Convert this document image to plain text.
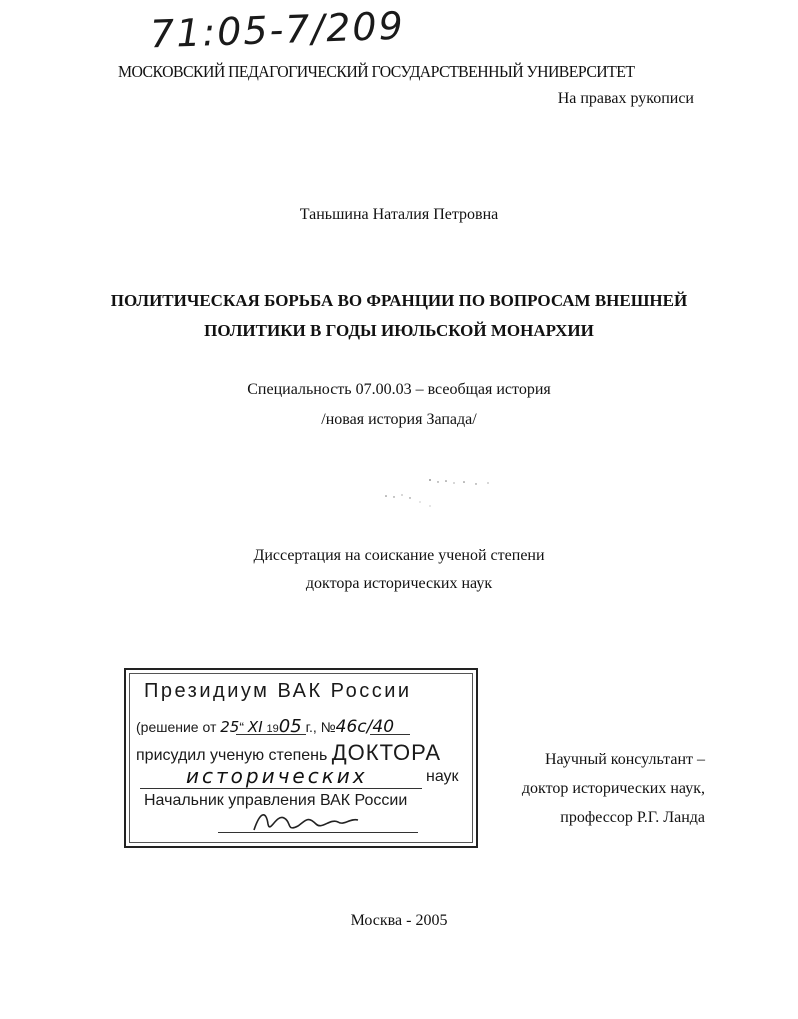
71:05-7/209
МОСКОВСКИЙ ПЕДАГОГИЧЕСКИЙ ГОСУДАРСТВЕННЫЙ УНИВЕРСИТЕТ
На правах рукописи
Таньшина Наталия Петровна
ПОЛИТИЧЕСКАЯ БОРЬБА ВО ФРАНЦИИ ПО ВОПРОСАМ ВНЕШНЕЙ
ПОЛИТИКИ В ГОДЫ ИЮЛЬСКОЙ МОНАРХИИ
Специальность 07.00.03 – всеобщая история
/новая история Запада/
Диссертация на соискание ученой степени
доктора исторических наук
Президиум ВАК России
(решение от 25“ XI 1905 г., №46с/40
присудил ученую степень ДОКТОРА
исторических	наук
Начальник управления ВАК России
Научный консультант –
доктор исторических наук,
профессор Р.Г. Ланда
Москва - 2005
